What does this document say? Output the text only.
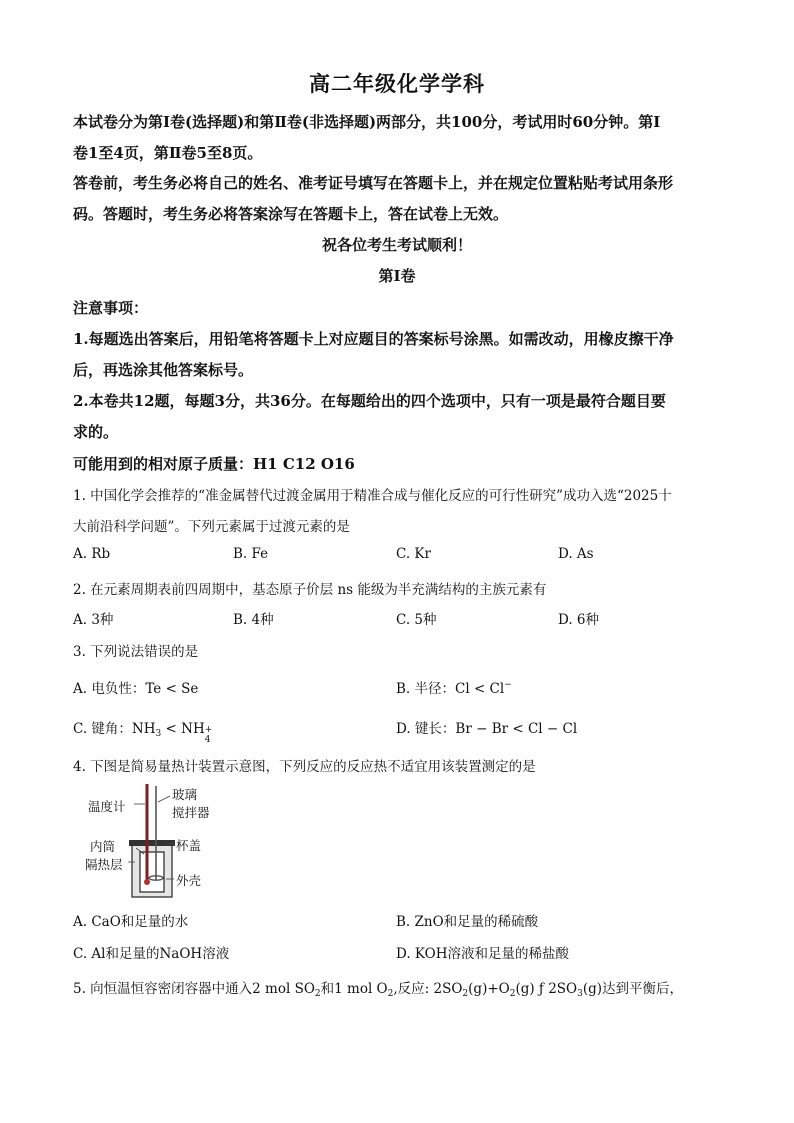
高二年级化学学科
本试卷分为第Ⅰ卷(选择题)和第Ⅱ卷(非选择题)两部分，共100分，考试用时60分钟。第Ⅰ
卷1至4页，第Ⅱ卷5至8页。
答卷前，考生务必将自己的姓名、准考证号填写在答题卡上，并在规定位置粘贴考试用条形
码。答题时，考生务必将答案涂写在答题卡上，答在试卷上无效。
祝各位考生考试顺利！
第Ⅰ卷
注意事项：
1.每题选出答案后，用铅笔将答题卡上对应题目的答案标号涂黑。如需改动，用橡皮擦干净
后，再选涂其他答案标号。
2.本卷共12题，每题3分，共36分。在每题给出的四个选项中，只有一项是最符合题目要
求的。
可能用到的相对原子质量：H1 C12 O16
1. 中国化学会推荐的“准金属替代过渡金属用于精准合成与催化反应的可行性研究”成功入选“2025十
大前沿科学问题”。下列元素属于过渡元素的是
A. Rb	B. Fe	C. Kr	D. As
2. 在元素周期表前四周期中，基态原子价层 ns 能级为半充满结构的主族元素有
A. 3种	B. 4种	C. 5种	D. 6种
3. 下列说法错误的是
A. 电负性：Te < Se	B. 半径：Cl < Cl−
C. 键角：$NH_3$ < NH +
4
D. 键长：Br − Br < Cl − Cl
4. 下图是简易量热计装置示意图，下列反应的反应热不适宜用该装置测定的是
温度计
玻璃
搅拌器
内筒	杯盖
隔热层
外壳
A. CaO和足量的水	B. ZnO和足量的稀硫酸
C. Al和足量的NaOH溶液	D. KOH溶液和足量的稀盐酸
5. 向恒温恒容密闭容器中通入2 mol $SO_2$和1 mol $O_2$,反应: $2SO_2(g)+O_2(g)$ ƒ $2SO_3(g)$达到平衡后，
